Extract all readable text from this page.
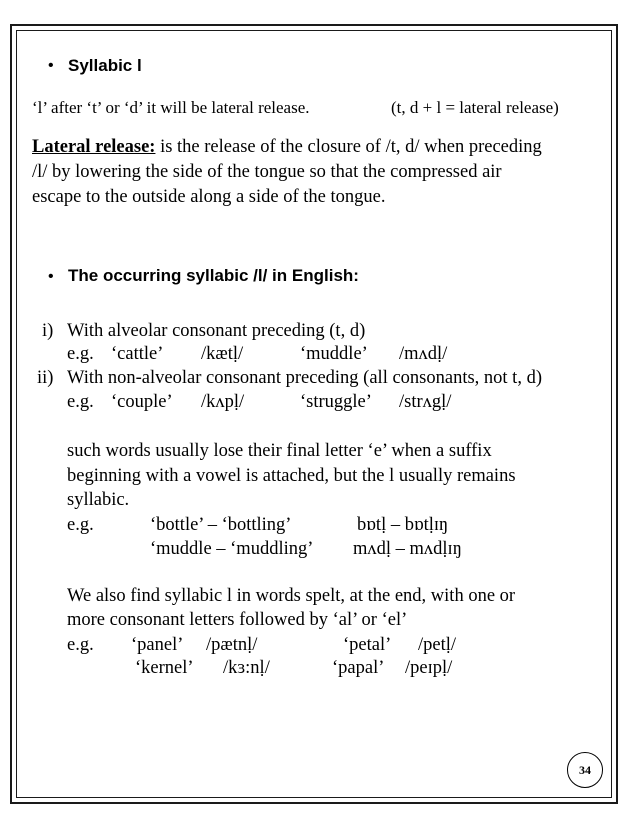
• Syllabic l
‘l’ after ‘t’ or ‘d’ it will be lateral release.	(t, d + l = lateral release)
Lateral release: is the release of the closure of /t, d/ when preceding
/l/ by lowering the side of the tongue so that the compressed air
escape to the outside along a side of the tongue.
• The occurring syllabic /l/ in English:
i) With alveolar consonant preceding (t, d)
e.g. ‘cattle’ /kætḷ/	‘muddle’ /mʌdḷ/
ii) With non-alveolar consonant preceding (all consonants, not t, d)
e.g. ‘couple’ /kʌpḷ/	‘struggle’ /strʌgḷ/
such words usually lose their final letter ‘e’ when a suffix
beginning with a vowel is attached, but the l usually remains
syllabic.
e.g.	‘bottle’ – ‘bottling’	bɒtḷ – bɒtḷɪŋ
‘muddle – ‘muddling’ mʌdḷ – mʌdḷɪŋ
We also find syllabic l in words spelt, at the end, with one or
more consonant letters followed by ‘al’ or ‘el’
e.g. ‘panel’ /pætnḷ/	‘petal’ /petḷ/
‘kernel’ /kɜ:nḷ/	‘papal’ /peɪpḷ/
34
